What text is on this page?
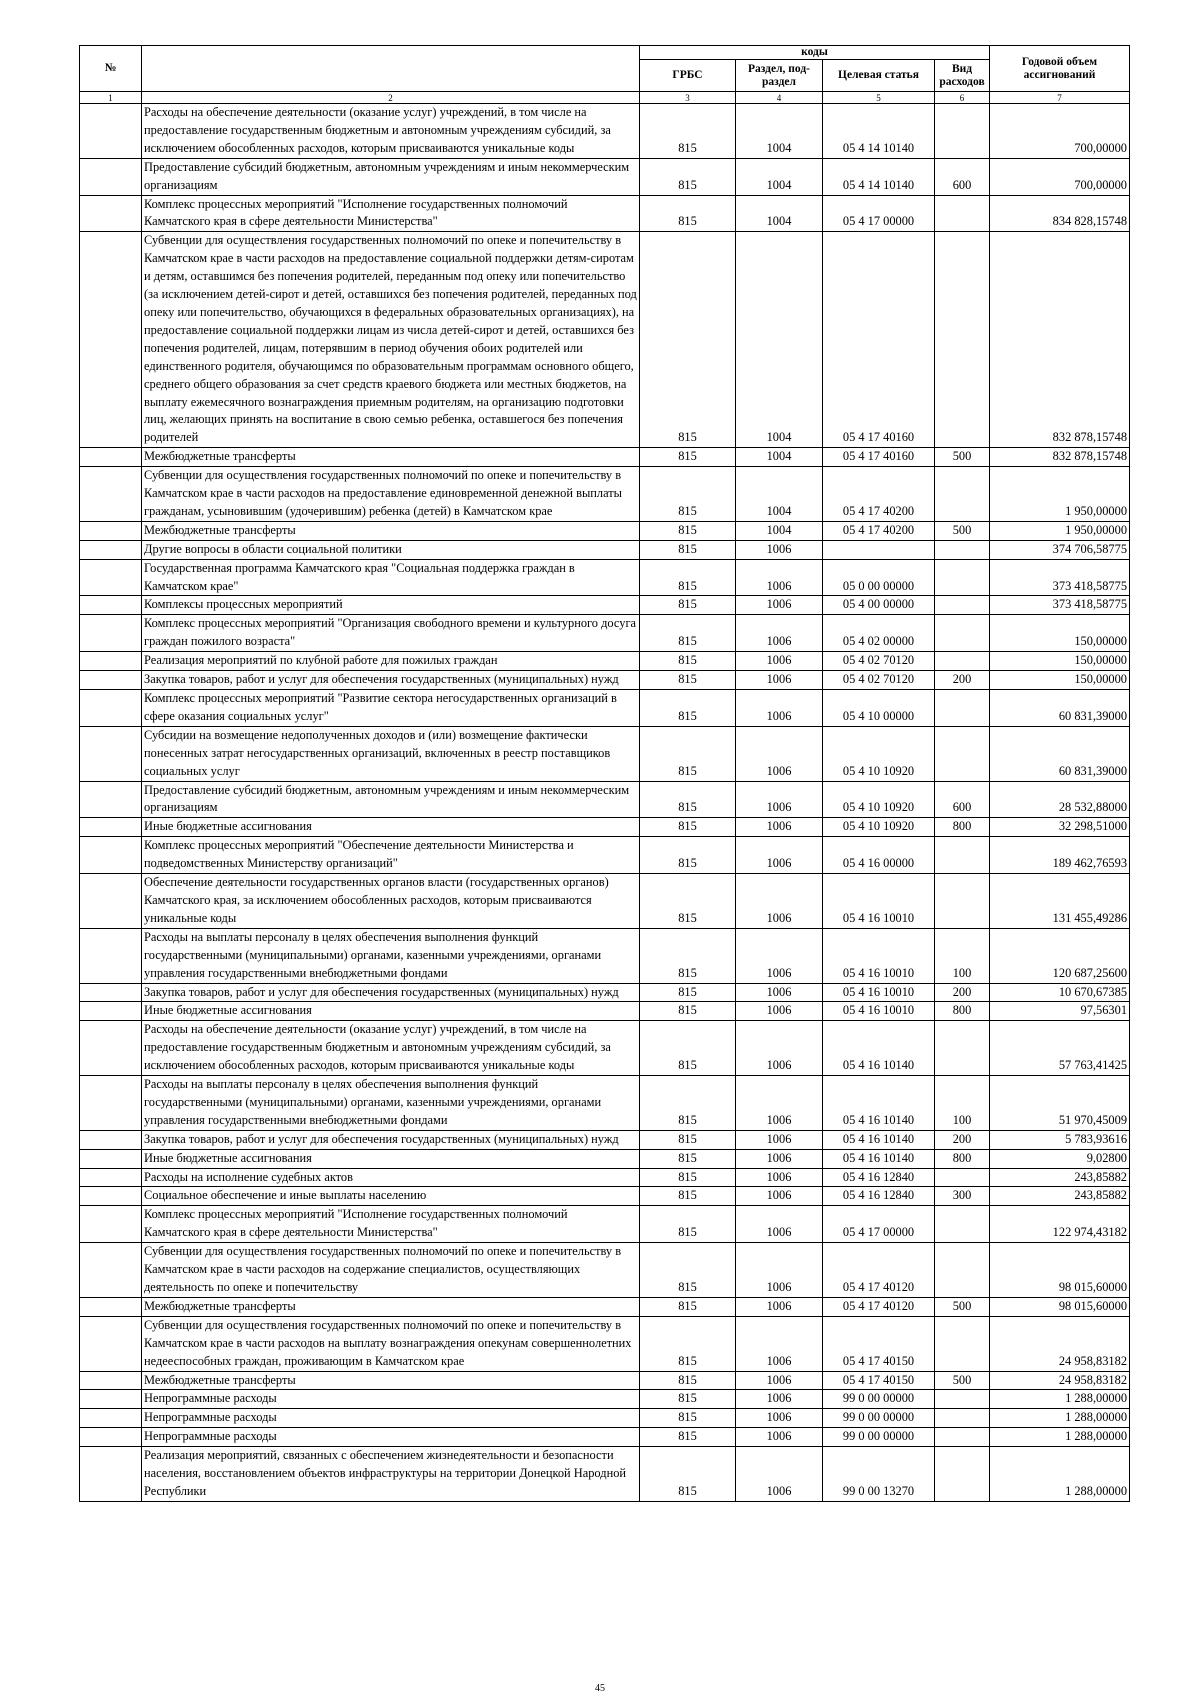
№		коды				Годовой объем ассигнований
		ГРБС	Раздел, под-раздел	Целевая статья	Вид расходов	
1	2	3	4	5	6	7
	Расходы на обеспечение деятельности (оказание услуг) учреждений, в том числе на предоставление государственным бюджетным и автономным учреждениям субсидий, за исключением обособленных расходов, которым присваиваются уникальные коды	815	1004	05 4 14 10140		700,00000
	Предоставление субсидий бюджетным, автономным учреждениям и иным некоммерческим организациям	815	1004	05 4 14 10140	600	700,00000
	Комплекс процессных мероприятий "Исполнение государственных полномочий Камчатского края в сфере деятельности Министерства"	815	1004	05 4 17 00000		834 828,15748
	Субвенции для осуществления государственных полномочий по опеке и попечительству в Камчатском крае в части расходов на предоставление социальной поддержки детям-сиротам и детям, оставшимся без попечения родителей, переданным под опеку или попечительство (за исключением детей-сирот и детей, оставшихся без попечения родителей, переданных под опеку или попечительство, обучающихся в федеральных образовательных организациях), на предоставление социальной поддержки лицам из числа детей-сирот и детей, оставшихся без попечения родителей, лицам, потерявшим в период обучения обоих родителей или единственного родителя, обучающимся по образовательным программам основного общего, среднего общего образования за счет средств краевого бюджета или местных бюджетов, на выплату ежемесячного вознаграждения приемным родителям, на организацию подготовки лиц, желающих принять на воспитание в свою семью ребенка, оставшегося без попечения родителей	815	1004	05 4 17 40160		832 878,15748
	Межбюджетные трансферты	815	1004	05 4 17 40160	500	832 878,15748
	Субвенции для осуществления государственных полномочий по опеке и попечительству в Камчатском крае в части расходов на предоставление единовременной денежной выплаты гражданам, усыновившим (удочерившим) ребенка (детей) в Камчатском крае	815	1004	05 4 17 40200		1 950,00000
	Межбюджетные трансферты	815	1004	05 4 17 40200	500	1 950,00000
	Другие вопросы в области социальной политики	815	1006			374 706,58775
	Государственная программа Камчатского края "Социальная поддержка граждан в Камчатском крае"	815	1006	05 0 00 00000		373 418,58775
	Комплексы процессных мероприятий	815	1006	05 4 00 00000		373 418,58775
	Комплекс процессных мероприятий "Организация свободного времени и культурного досуга граждан пожилого возраста"	815	1006	05 4 02 00000		150,00000
	Реализация мероприятий по клубной работе для пожилых граждан	815	1006	05 4 02 70120		150,00000
	Закупка товаров, работ и услуг для обеспечения государственных (муниципальных) нужд	815	1006	05 4 02 70120	200	150,00000
	Комплекс процессных мероприятий "Развитие сектора негосударственных организаций в сфере оказания социальных услуг"	815	1006	05 4 10 00000		60 831,39000
	Субсидии на возмещение недополученных доходов и (или) возмещение фактически понесенных затрат негосударственных организаций, включенных в реестр поставщиков социальных услуг	815	1006	05 4 10 10920		60 831,39000
	Предоставление субсидий бюджетным, автономным учреждениям и иным некоммерческим организациям	815	1006	05 4 10 10920	600	28 532,88000
	Иные бюджетные ассигнования	815	1006	05 4 10 10920	800	32 298,51000
	Комплекс процессных мероприятий "Обеспечение деятельности Министерства и подведомственных Министерству организаций"	815	1006	05 4 16 00000		189 462,76593
	Обеспечение деятельности государственных органов власти (государственных органов) Камчатского края, за исключением обособленных расходов, которым присваиваются уникальные коды	815	1006	05 4 16 10010		131 455,49286
	Расходы на выплаты персоналу в целях обеспечения выполнения функций государственными (муниципальными) органами, казенными учреждениями, органами управления государственными внебюджетными фондами	815	1006	05 4 16 10010	100	120 687,25600
	Закупка товаров, работ и услуг для обеспечения государственных (муниципальных) нужд	815	1006	05 4 16 10010	200	10 670,67385
	Иные бюджетные ассигнования	815	1006	05 4 16 10010	800	97,56301
	Расходы на обеспечение деятельности (оказание услуг) учреждений, в том числе на предоставление государственным бюджетным и автономным учреждениям субсидий, за исключением обособленных расходов, которым присваиваются уникальные коды	815	1006	05 4 16 10140		57 763,41425
	Расходы на выплаты персоналу в целях обеспечения выполнения функций государственными (муниципальными) органами, казенными учреждениями, органами управления государственными внебюджетными фондами	815	1006	05 4 16 10140	100	51 970,45009
	Закупка товаров, работ и услуг для обеспечения государственных (муниципальных) нужд	815	1006	05 4 16 10140	200	5 783,93616
	Иные бюджетные ассигнования	815	1006	05 4 16 10140	800	9,02800
	Расходы на исполнение судебных актов	815	1006	05 4 16 12840		243,85882
	Социальное обеспечение и иные выплаты населению	815	1006	05 4 16 12840	300	243,85882
	Комплекс процессных мероприятий "Исполнение государственных полномочий Камчатского края в сфере деятельности Министерства"	815	1006	05 4 17 00000		122 974,43182
	Субвенции для осуществления государственных полномочий по опеке и попечительству в Камчатском крае в части расходов на содержание специалистов, осуществляющих деятельность по опеке и попечительству	815	1006	05 4 17 40120		98 015,60000
	Межбюджетные трансферты	815	1006	05 4 17 40120	500	98 015,60000
	Субвенции для осуществления государственных полномочий по опеке и попечительству в Камчатском крае в части расходов на выплату вознаграждения опекунам совершеннолетних недееспособных граждан, проживающим в Камчатском крае	815	1006	05 4 17 40150		24 958,83182
	Межбюджетные трансферты	815	1006	05 4 17 40150	500	24 958,83182
	Непрограммные расходы	815	1006	99 0 00 00000		1 288,00000
	Непрограммные расходы	815	1006	99 0 00 00000		1 288,00000
	Непрограммные расходы	815	1006	99 0 00 00000		1 288,00000
	Реализация мероприятий, связанных с обеспечением жизнедеятельности и безопасности населения, восстановлением объектов инфраструктуры на территории Донецкой Народной Республики	815	1006	99 0 00 13270		1 288,00000
45
